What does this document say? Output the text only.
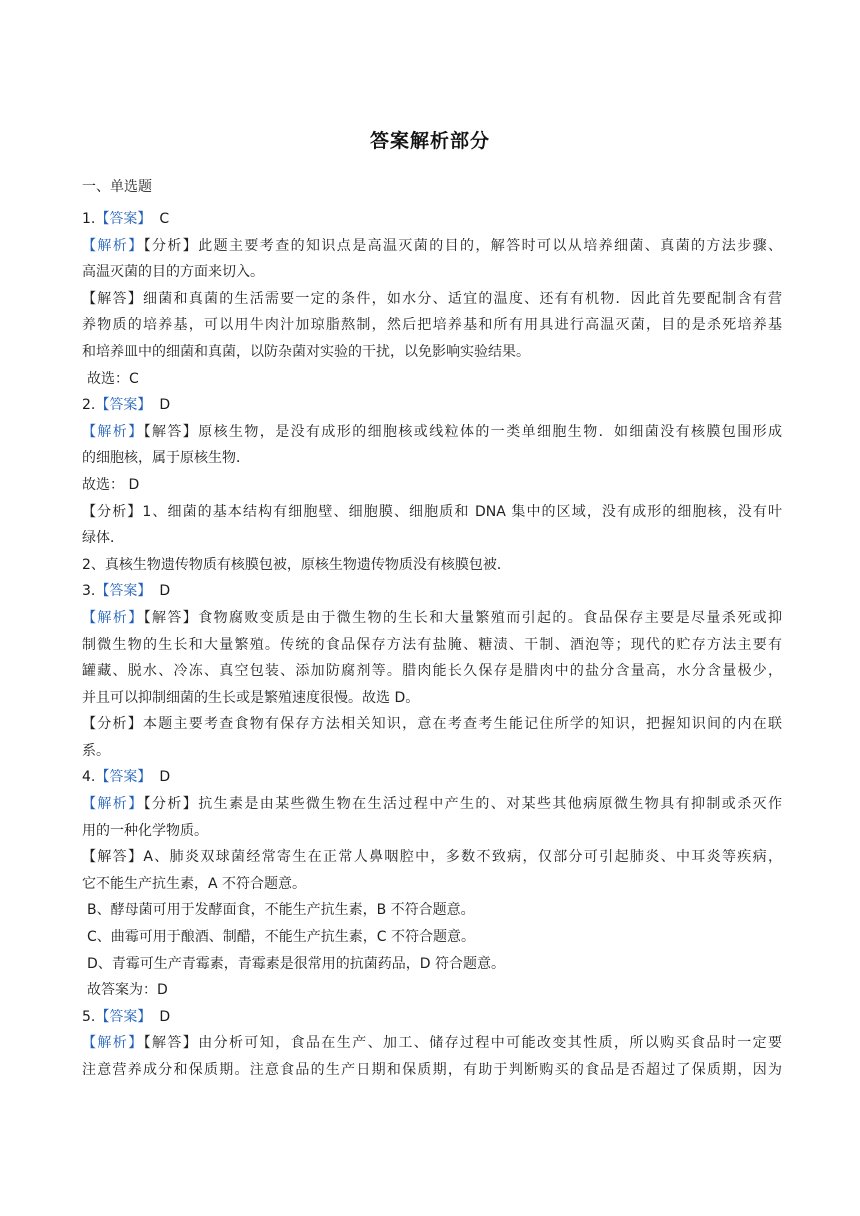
答案解析部分
一、单选题
1.【答案】 C
【解析】【分析】此题主要考查的知识点是高温灭菌的目的，解答时可以从培养细菌、真菌的方法步骤、
高温灭菌的目的方面来切入。
【解答】细菌和真菌的生活需要一定的条件，如水分、适宜的温度、还有有机物．因此首先要配制含有营
养物质的培养基，可以用牛肉汁加琼脂熬制，然后把培养基和所有用具进行高温灭菌，目的是杀死培养基
和培养皿中的细菌和真菌，以防杂菌对实验的干扰，以免影响实验结果。
故选：C
2.【答案】 D
【解析】【解答】原核生物，是没有成形的细胞核或线粒体的一类单细胞生物．如细菌没有核膜包围形成
的细胞核，属于原核生物．
故选： D
【分析】1、细菌的基本结构有细胞壁、细胞膜、细胞质和 DNA 集中的区域，没有成形的细胞核，没有叶
绿体．
2、真核生物遗传物质有核膜包被，原核生物遗传物质没有核膜包被．
3.【答案】 D
【解析】【解答】食物腐败变质是由于微生物的生长和大量繁殖而引起的。食品保存主要是尽量杀死或抑
制微生物的生长和大量繁殖。传统的食品保存方法有盐腌、糖渍、干制、酒泡等；现代的贮存方法主要有
罐藏、脱水、冷冻、真空包装、添加防腐剂等。腊肉能长久保存是腊肉中的盐分含量高，水分含量极少，
并且可以抑制细菌的生长或是繁殖速度很慢。故选 D。
【分析】本题主要考查食物有保存方法相关知识，意在考查考生能记住所学的知识，把握知识间的内在联
系。
4.【答案】 D
【解析】【分析】抗生素是由某些微生物在生活过程中产生的、对某些其他病原微生物具有抑制或杀灭作
用的一种化学物质。
【解答】A、肺炎双球菌经常寄生在正常人鼻咽腔中，多数不致病，仅部分可引起肺炎、中耳炎等疾病，
它不能生产抗生素，A 不符合题意。
B、酵母菌可用于发酵面食，不能生产抗生素，B 不符合题意。
C、曲霉可用于酿酒、制醋，不能生产抗生素，C 不符合题意。
D、青霉可生产青霉素，青霉素是很常用的抗菌药品，D 符合题意。
故答案为：D
5.【答案】 D
【解析】【解答】由分析可知，食品在生产、加工、储存过程中可能改变其性质，所以购买食品时一定要
注意营养成分和保质期。注意食品的生产日期和保质期，有助于判断购买的食品是否超过了保质期，因为
